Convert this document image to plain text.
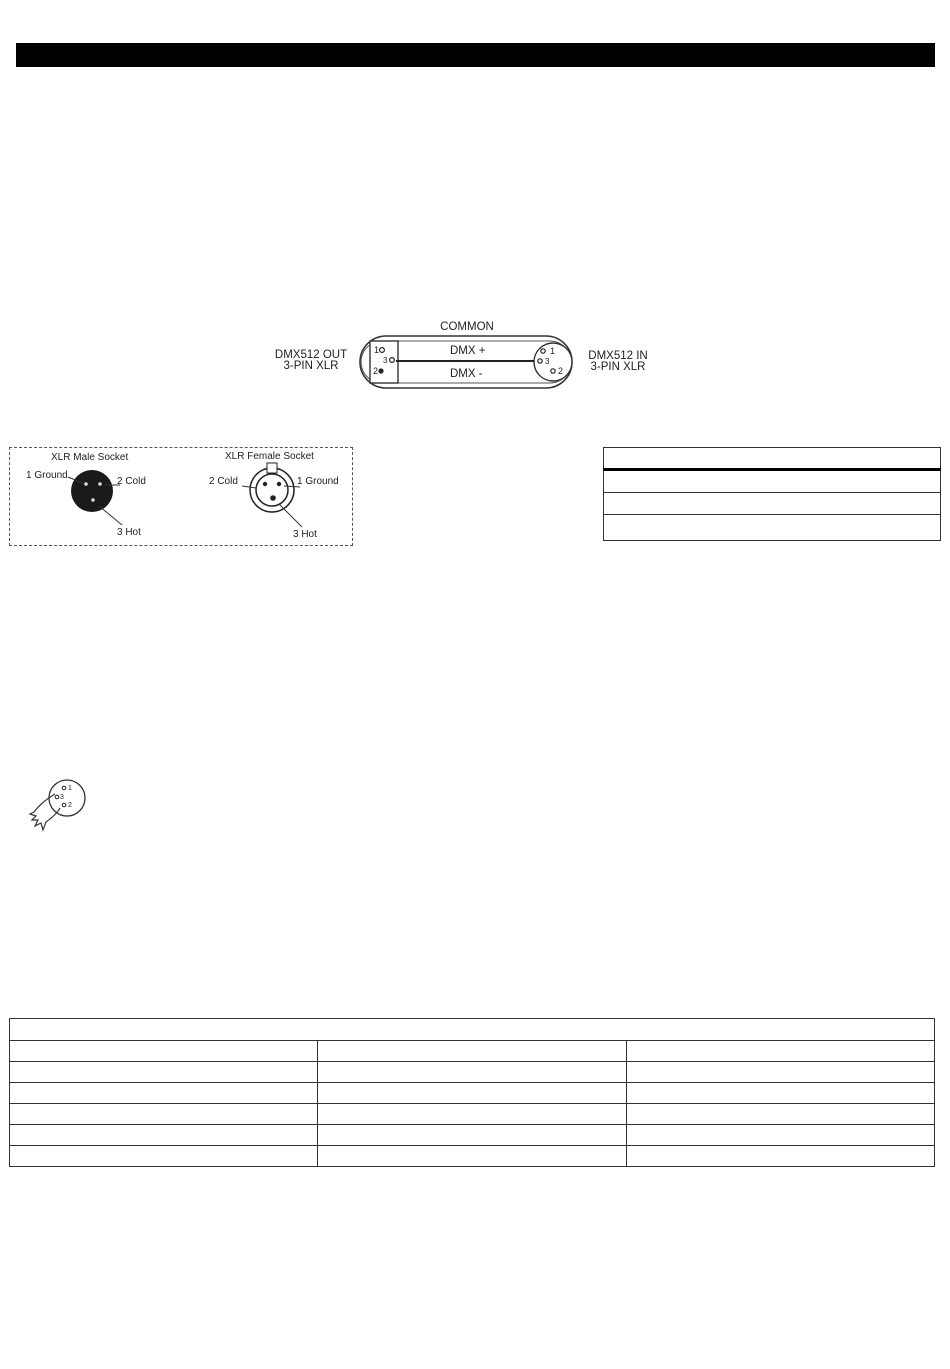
DMX512 OUT
3-PIN XLR
DMX512 IN
3-PIN XLR
COMMON
1
3
2
DMX +
DMX -
1
3
2
XLR Male Socket	XLR Female Socket
1 Ground
2 Cold
3 Hot
2 Cold	1 Ground
3 Hot

1
3
2
